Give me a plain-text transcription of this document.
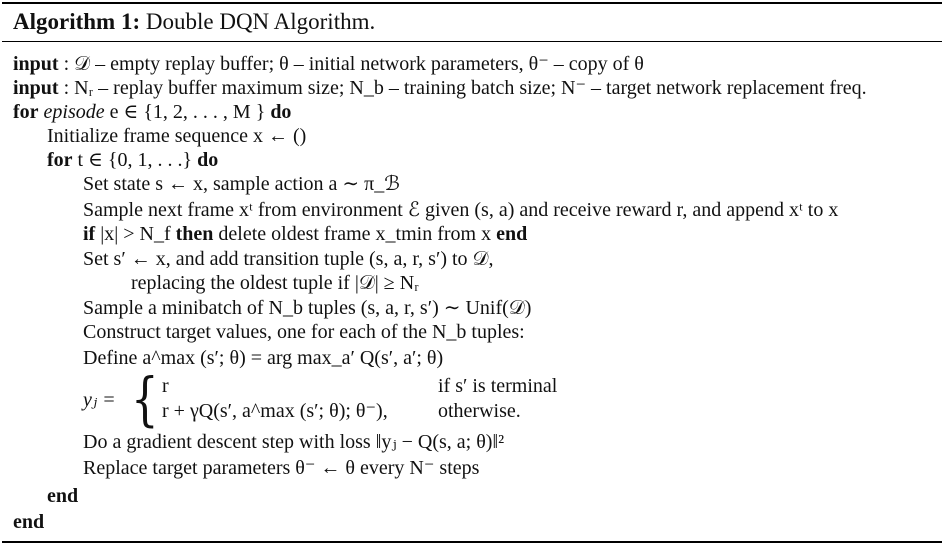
Algorithm 1: Double DQN Algorithm.
input : 𝒟 – empty replay buffer; θ – initial network parameters, θ⁻ – copy of θ
input : Nᵣ – replay buffer maximum size; N_b – training batch size; N⁻ – target network replacement freq.
for episode e ∈ {1, 2, . . . , M } do
Initialize frame sequence x ← ()
for t ∈ {0, 1, . . .} do
Set state s ← x, sample action a ∼ π_ℬ
Sample next frame xᵗ from environment ℰ given (s, a) and receive reward r, and append xᵗ to x
if |x| > N_f then delete oldest frame x_tmin from x end
Set s′ ← x, and add transition tuple (s, a, r, s′) to 𝒟,
replacing the oldest tuple if |𝒟| ≥ Nᵣ
Sample a minibatch of N_b tuples (s, a, r, s′) ∼ Unif(𝒟)
Construct target values, one for each of the N_b tuples:
Define a^max (s′; θ) = arg max_a′ Q(s′, a′; θ)
yⱼ = { r	if s′ is terminal
r + γQ(s′, a^max (s′; θ); θ⁻),	otherwise.
Do a gradient descent step with loss ‖yⱼ − Q(s, a; θ)‖²
Replace target parameters θ⁻ ← θ every N⁻ steps
end
end
